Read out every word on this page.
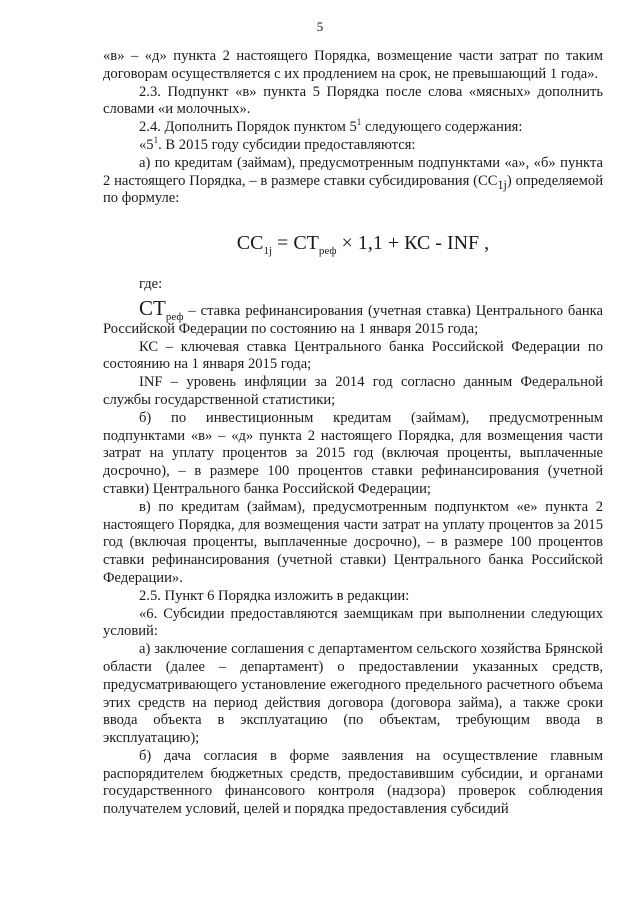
5

«в» – «д» пункта 2 настоящего Порядка, возмещение части затрат по таким договорам осуществляется с их продлением на срок, не превышающий 1 года».

2.3. Подпункт «в» пункта 5 Порядка после слова «мясных» дополнить словами «и молочных».

2.4. Дополнить Порядок пунктом $5^1$ следующего содержания:

«$5^1$. В 2015 году субсидии предоставляются:

а) по кредитам (займам), предусмотренным подпунктами «а», «б» пункта 2 настоящего Порядка, – в размере ставки субсидирования $(СС_{1j})$ определяемой по формуле:

$СС_{1j} = СТ_{реф} \times 1,1$ + КС - INF ,

где:

$СТ_{реф}$ – ставка рефинансирования (учетная ставка) Центрального банка Российской Федерации по состоянию на 1 января 2015 года;

КС – ключевая ставка Центрального банка Российской Федерации по состоянию на 1 января 2015 года;

INF – уровень инфляции за 2014 год согласно данным Федеральной службы государственной статистики;

б) по инвестиционным кредитам (займам), предусмотренным подпунктами «в» – «д» пункта 2 настоящего Порядка, для возмещения части затрат на уплату процентов за 2015 год (включая проценты, выплаченные досрочно), – в размере 100 процентов ставки рефинансирования (учетной ставки) Центрального банка Российской Федерации;

в) по кредитам (займам), предусмотренным подпунктом «е» пункта 2 настоящего Порядка, для возмещения части затрат на уплату процентов за 2015 год (включая проценты, выплаченные досрочно), – в размере 100 процентов ставки рефинансирования (учетной ставки) Центрального банка Российской Федерации».

2.5. Пункт 6 Порядка изложить в редакции:

«6. Субсидии предоставляются заемщикам при выполнении следующих условий:

а) заключение соглашения с департаментом сельского хозяйства Брянской области (далее – департамент) о предоставлении указанных средств, предусматривающего установление ежегодного предельного расчетного объема этих средств на период действия договора (договора займа), а также сроки ввода объекта в эксплуатацию (по объектам, требующим ввода в эксплуатацию);

б) дача согласия в форме заявления на осуществление главным распорядителем бюджетных средств, предоставившим субсидии, и органами государственного финансового контроля (надзора) проверок соблюдения получателем условий, целей и порядка предоставления субсидий
